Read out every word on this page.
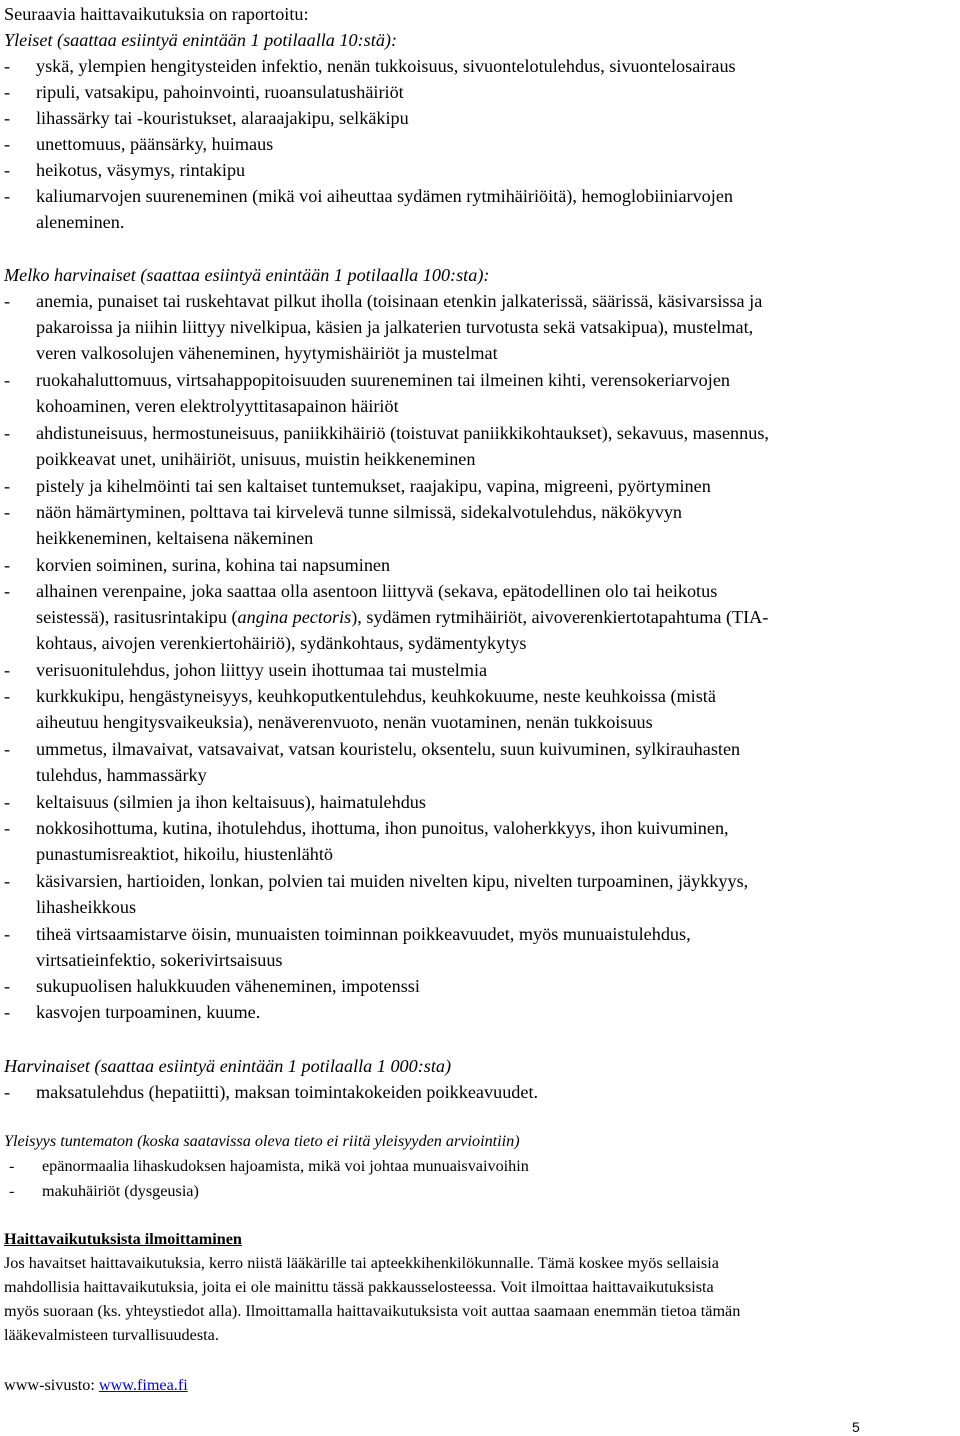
Seuraavia haittavaikutuksia on raportoitu:
Yleiset (saattaa esiintyä enintään 1 potilaalla 10:stä):
- yskä, ylempien hengitysteiden infektio, nenän tukkoisuus, sivuontelotulehdus, sivuontelosairaus
- ripuli, vatsakipu, pahoinvointi, ruoansulatushäiriöt
- lihassärky tai -kouristukset, alaraajakipu, selkäkipu
- unettomuus, päänsärky, huimaus
- heikotus, väsymys, rintakipu
- kaliumarvojen suureneminen (mikä voi aiheuttaa sydämen rytmihäiriöitä), hemoglobiiniarvojen
aleneminen.
Melko harvinaiset (saattaa esiintyä enintään 1 potilaalla 100:sta):
- anemia, punaiset tai ruskehtavat pilkut iholla (toisinaan etenkin jalkaterissä, säärissä, käsivarsissa ja
pakaroissa ja niihin liittyy nivelkipua, käsien ja jalkaterien turvotusta sekä vatsakipua), mustelmat,
veren valkosolujen väheneminen, hyytymishäiriöt ja mustelmat
- ruokahaluttomuus, virtsahappopitoisuuden suureneminen tai ilmeinen kihti, verensokeriarvojen
kohoaminen, veren elektrolyyttitasapainon häiriöt
- ahdistuneisuus, hermostuneisuus, paniikkihäiriö (toistuvat paniikkikohtaukset), sekavuus, masennus,
poikkeavat unet, unihäiriöt, unisuus, muistin heikkeneminen
- pistely ja kihelmöinti tai sen kaltaiset tuntemukset, raajakipu, vapina, migreeni, pyörtyminen
- näön hämärtyminen, polttava tai kirvelevä tunne silmissä, sidekalvotulehdus, näkökyvyn
heikkeneminen, keltaisena näkeminen
- korvien soiminen, surina, kohina tai napsuminen
- alhainen verenpaine, joka saattaa olla asentoon liittyvä (sekava, epätodellinen olo tai heikotus
seistessä), rasitusrintakipu (angina pectoris), sydämen rytmihäiriöt, aivoverenkiertotapahtuma (TIA-
kohtaus, aivojen verenkiertohäiriö), sydänkohtaus, sydämentykytys
- verisuonitulehdus, johon liittyy usein ihottumaa tai mustelmia
- kurkkukipu, hengästyneisyys, keuhkoputkentulehdus, keuhkokuume, neste keuhkoissa (mistä
aiheutuu hengitysvaikeuksia), nenäverenvuoto, nenän vuotaminen, nenän tukkoisuus
- ummetus, ilmavaivat, vatsavaivat, vatsan kouristelu, oksentelu, suun kuivuminen, sylkirauhasten
tulehdus, hammassärky
- keltaisuus (silmien ja ihon keltaisuus), haimatulehdus
- nokkosihottuma, kutina, ihotulehdus, ihottuma, ihon punoitus, valoherkkyys, ihon kuivuminen,
punastumisreaktiot, hikoilu, hiustenlähtö
- käsivarsien, hartioiden, lonkan, polvien tai muiden nivelten kipu, nivelten turpoaminen, jäykkyys,
lihasheikkous
- tiheä virtsaamistarve öisin, munuaisten toiminnan poikkeavuudet, myös munuaistulehdus,
virtsatieinfektio, sokerivirtsaisuus
- sukupuolisen halukkuuden väheneminen, impotenssi
- kasvojen turpoaminen, kuume.
Harvinaiset (saattaa esiintyä enintään 1 potilaalla 1 000:sta)
- maksatulehdus (hepatiitti), maksan toimintakokeiden poikkeavuudet.
Yleisyys tuntematon (koska saatavissa oleva tieto ei riitä yleisyyden arviointiin)
- epänormaalia lihaskudoksen hajoamista, mikä voi johtaa munuaisvaivoihin
- makuhäiriöt (dysgeusia)
Haittavaikutuksista ilmoittaminen
Jos havaitset haittavaikutuksia, kerro niistä lääkärille tai apteekkihenkilökunnalle. Tämä koskee myös sellaisia
mahdollisia haittavaikutuksia, joita ei ole mainittu tässä pakkausselosteessa. Voit ilmoittaa haittavaikutuksista
myös suoraan (ks. yhteystiedot alla). Ilmoittamalla haittavaikutuksista voit auttaa saamaan enemmän tietoa tämän
lääkevalmisteen turvallisuudesta.
www-sivusto: www.fimea.fi
5
